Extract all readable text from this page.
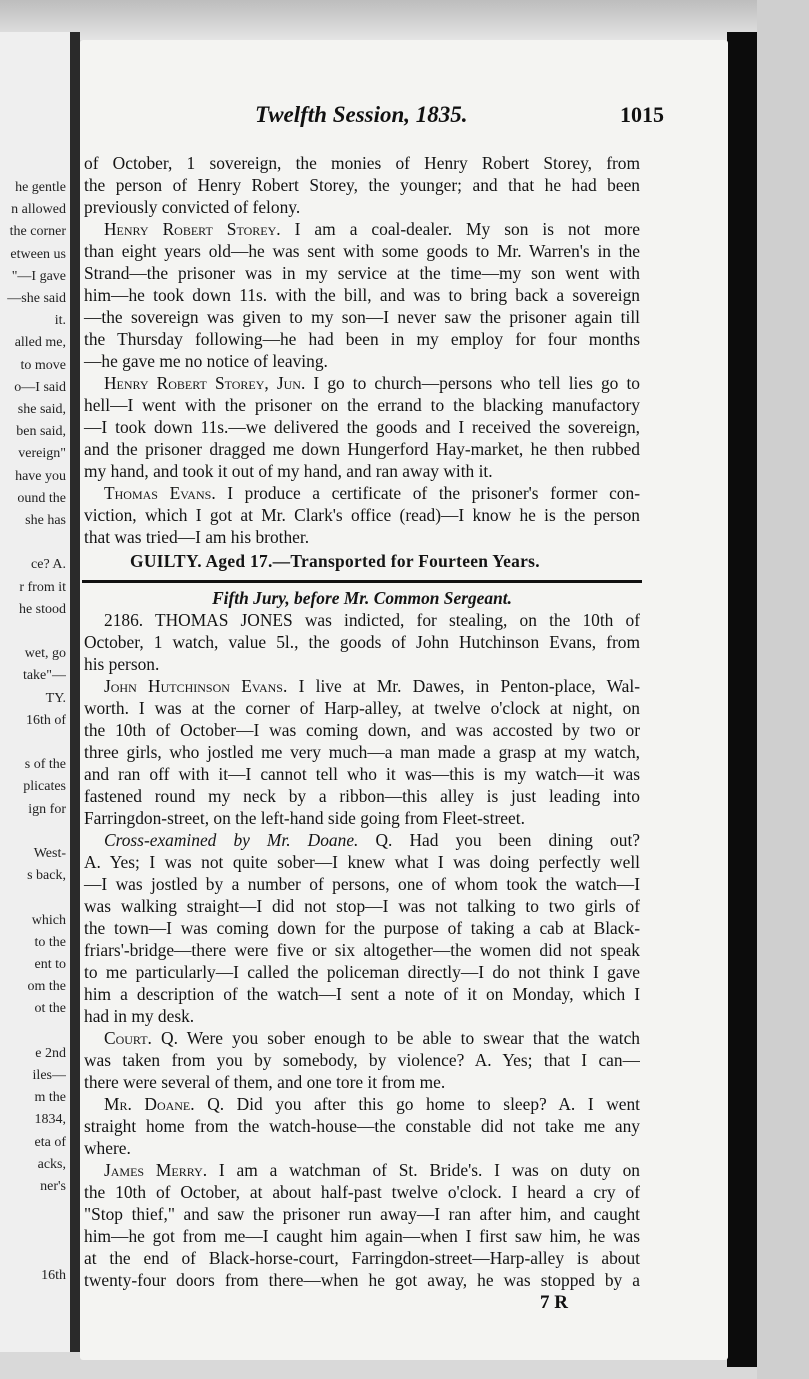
he gentle
n allowed
the corner
etween us
"—I gave
—she said
it.
alled me,
to move
o—I said
she said,
ben said,
vereign"
have you
ound the
she has
ce? A.
r from it
he stood
wet, go
take"—
TY.
16th of
s of the
plicates
ign for
West-
s back,
which
to the
ent to
om the
ot the
e 2nd
iles—
m the
1834,
eta of
acks,
ner's
16th
Twelfth Session, 1835.	1015
of October, 1 sovereign, the monies of Henry Robert Storey, from
the person of Henry Robert Storey, the younger; and that he had been
previously convicted of felony.
Henry Robert Storey. I am a coal-dealer. My son is not more
than eight years old—he was sent with some goods to Mr. Warren's in the
Strand—the prisoner was in my service at the time—my son went with
him—he took down 11s. with the bill, and was to bring back a sovereign
—the sovereign was given to my son—I never saw the prisoner again till
the Thursday following—he had been in my employ for four months
—he gave me no notice of leaving.
Henry Robert Storey, Jun. I go to church—persons who tell lies go to
hell—I went with the prisoner on the errand to the blacking manufactory
—I took down 11s.—we delivered the goods and I received the sovereign,
and the prisoner dragged me down Hungerford Hay-market, he then rubbed
my hand, and took it out of my hand, and ran away with it.
Thomas Evans. I produce a certificate of the prisoner's former con-
viction, which I got at Mr. Clark's office (read)—I know he is the person
that was tried—I am his brother.
GUILTY. Aged 17.—Transported for Fourteen Years.
Fifth Jury, before Mr. Common Sergeant.
2186. THOMAS JONES was indicted, for stealing, on the 10th of
October, 1 watch, value 5l., the goods of John Hutchinson Evans, from
his person.
John Hutchinson Evans. I live at Mr. Dawes, in Penton-place, Wal-
worth. I was at the corner of Harp-alley, at twelve o'clock at night, on
the 10th of October—I was coming down, and was accosted by two or
three girls, who jostled me very much—a man made a grasp at my watch,
and ran off with it—I cannot tell who it was—this is my watch—it was
fastened round my neck by a ribbon—this alley is just leading into
Farringdon-street, on the left-hand side going from Fleet-street.
Cross-examined by Mr. Doane. Q. Had you been dining out?
A. Yes; I was not quite sober—I knew what I was doing perfectly well
—I was jostled by a number of persons, one of whom took the watch—I
was walking straight—I did not stop—I was not talking to two girls of
the town—I was coming down for the purpose of taking a cab at Black-
friars'-bridge—there were five or six altogether—the women did not speak
to me particularly—I called the policeman directly—I do not think I gave
him a description of the watch—I sent a note of it on Monday, which I
had in my desk.
Court. Q. Were you sober enough to be able to swear that the watch
was taken from you by somebody, by violence? A. Yes; that I can—
there were several of them, and one tore it from me.
Mr. Doane. Q. Did you after this go home to sleep? A. I went
straight home from the watch-house—the constable did not take me any
where.
James Merry. I am a watchman of St. Bride's. I was on duty on
the 10th of October, at about half-past twelve o'clock. I heard a cry of
"Stop thief," and saw the prisoner run away—I ran after him, and caught
him—he got from me—I caught him again—when I first saw him, he was
at the end of Black-horse-court, Farringdon-street—Harp-alley is about
twenty-four doors from there—when he got away, he was stopped by a
7 R
